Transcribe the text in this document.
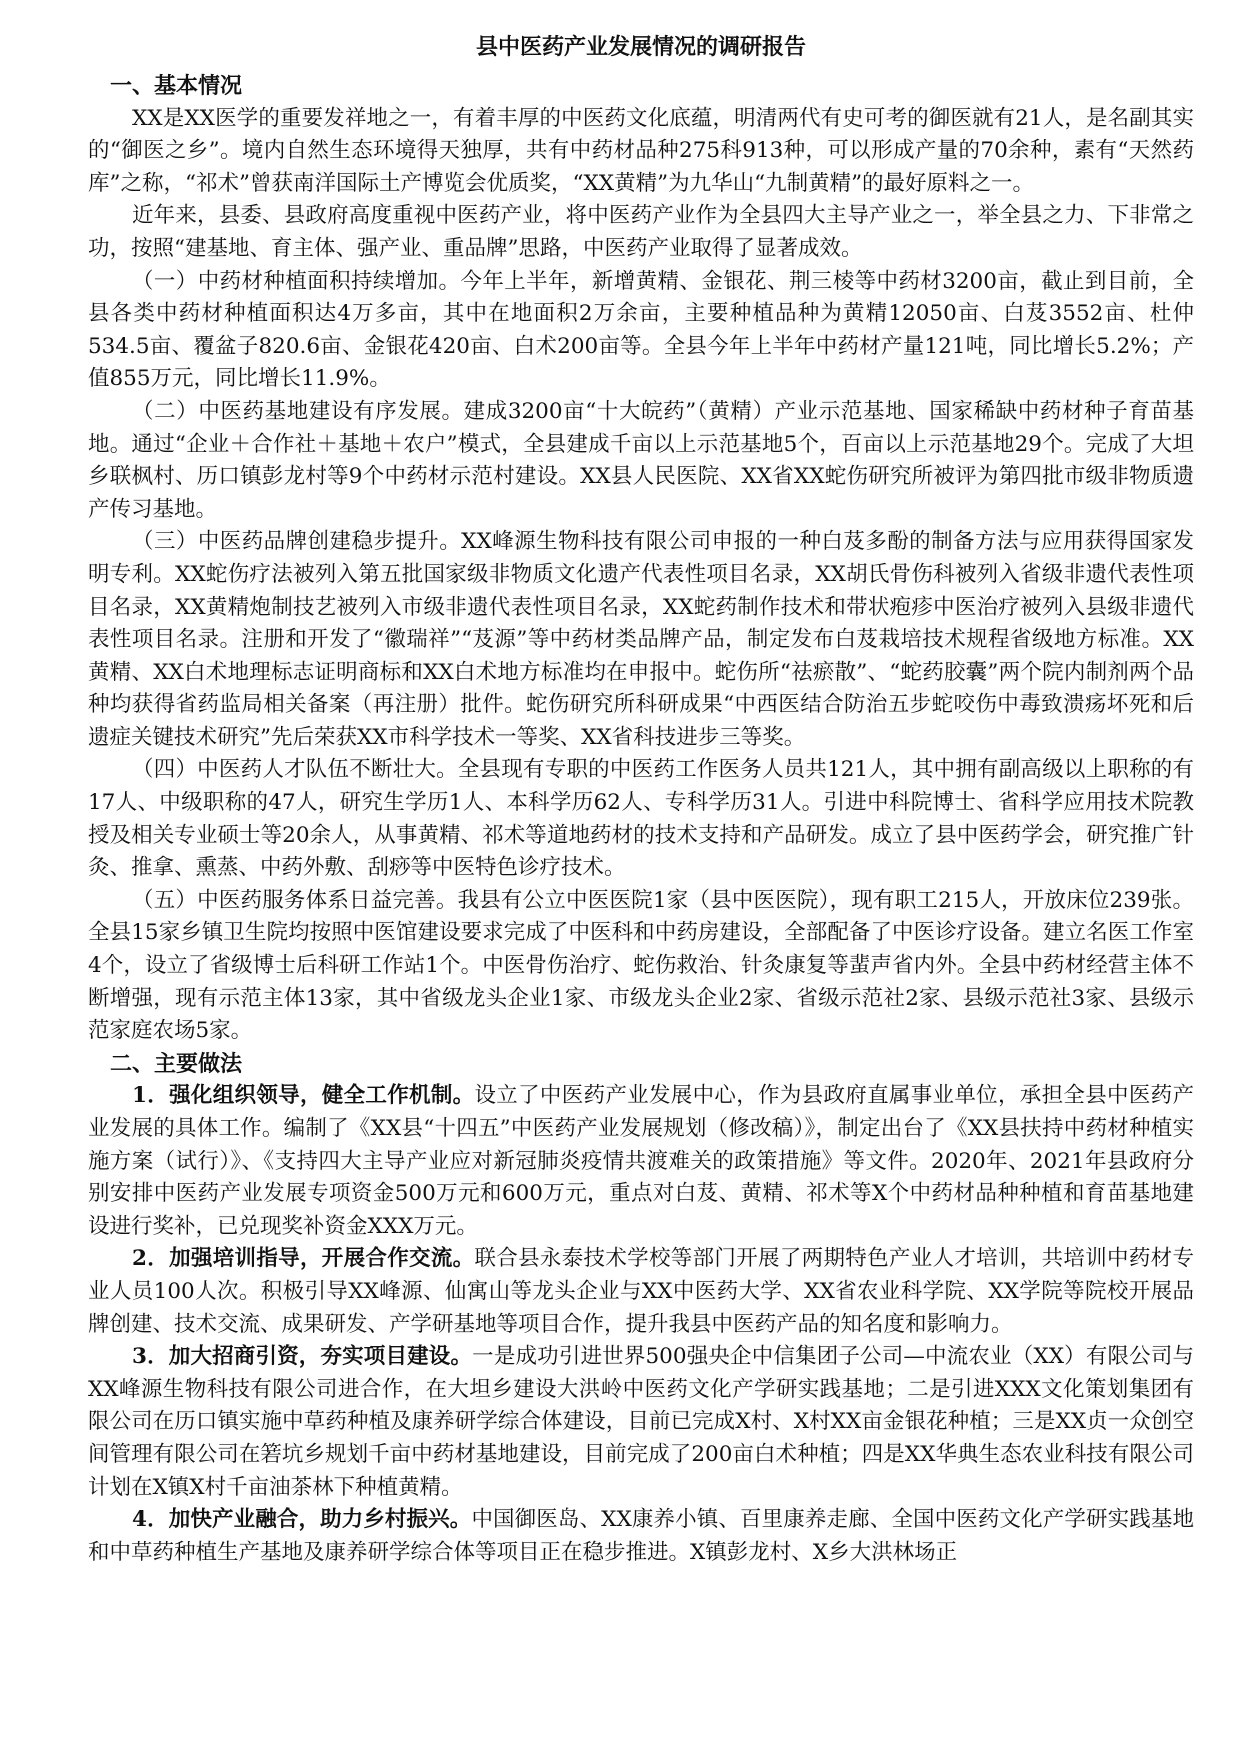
县中医药产业发展情况的调研报告
一、基本情况

XX是XX医学的重要发祥地之一，有着丰厚的中医药文化底蕴，明清两代有史可考的御医就有21人，是名副其实的“御医之乡”。境内自然生态环境得天独厚，共有中药材品种275科913种，可以形成产量的70余种，素有“天然药库”之称，“祁术”曾获南洋国际土产博览会优质奖，“XX黄精”为九华山“九制黄精”的最好原料之一。

近年来，县委、县政府高度重视中医药产业，将中医药产业作为全县四大主导产业之一，举全县之力、下非常之功，按照“建基地、育主体、强产业、重品牌”思路，中医药产业取得了显著成效。

（一）中药材种植面积持续增加。今年上半年，新增黄精、金银花、荆三棱等中药材3200亩，截止到目前，全县各类中药材种植面积达4万多亩，其中在地面积2万余亩，主要种植品种为黄精12050亩、白芨3552亩、杜仲534.5亩、覆盆子820.6亩、金银花420亩、白术200亩等。全县今年上半年中药材产量121吨，同比增长5.2%；产值855万元，同比增长11.9%。

（二）中医药基地建设有序发展。建成3200亩“十大皖药”（黄精）产业示范基地、国家稀缺中药材种子育苗基地。通过“企业＋合作社＋基地＋农户”模式，全县建成千亩以上示范基地5个，百亩以上示范基地29个。完成了大坦乡联枫村、历口镇彭龙村等9个中药材示范村建设。XX县人民医院、XX省XX蛇伤研究所被评为第四批市级非物质遗产传习基地。

（三）中医药品牌创建稳步提升。XX峰源生物科技有限公司申报的一种白芨多酚的制备方法与应用获得国家发明专利。XX蛇伤疗法被列入第五批国家级非物质文化遗产代表性项目名录，XX胡氏骨伤科被列入省级非遗代表性项目名录，XX黄精炮制技艺被列入市级非遗代表性项目名录，XX蛇药制作技术和带状疱疹中医治疗被列入县级非遗代表性项目名录。注册和开发了“徽瑞祥”“芨源”等中药材类品牌产品，制定发布白芨栽培技术规程省级地方标准。XX黄精、XX白术地理标志证明商标和XX白术地方标准均在申报中。蛇伤所“祛瘀散”、“蛇药胶囊”两个院内制剂两个品种均获得省药监局相关备案（再注册）批件。蛇伤研究所科研成果“中西医结合防治五步蛇咬伤中毒致溃疡坏死和后遗症关键技术研究”先后荣获XX市科学技术一等奖、XX省科技进步三等奖。

（四）中医药人才队伍不断壮大。全县现有专职的中医药工作医务人员共121人，其中拥有副高级以上职称的有17人、中级职称的47人，研究生学历1人、本科学历62人、专科学历31人。引进中科院博士、省科学应用技术院教授及相关专业硕士等20余人，从事黄精、祁术等道地药材的技术支持和产品研发。成立了县中医药学会，研究推广针灸、推拿、熏蒸、中药外敷、刮痧等中医特色诊疗技术。

（五）中医药服务体系日益完善。我县有公立中医医院1家（县中医医院），现有职工215人，开放床位239张。全县15家乡镇卫生院均按照中医馆建设要求完成了中医科和中药房建设，全部配备了中医诊疗设备。建立名医工作室4个，设立了省级博士后科研工作站1个。中医骨伤治疗、蛇伤救治、针灸康复等蜚声省内外。全县中药材经营主体不断增强，现有示范主体13家，其中省级龙头企业1家、市级龙头企业2家、省级示范社2家、县级示范社3家、县级示范家庭农场5家。

二、主要做法

1．强化组织领导，健全工作机制。设立了中医药产业发展中心，作为县政府直属事业单位，承担全县中医药产业发展的具体工作。编制了《XX县“十四五”中医药产业发展规划（修改稿）》，制定出台了《XX县扶持中药材种植实施方案（试行）》、《支持四大主导产业应对新冠肺炎疫情共渡难关的政策措施》等文件。2020年、2021年县政府分别安排中医药产业发展专项资金500万元和600万元，重点对白芨、黄精、祁术等X个中药材品种种植和育苗基地建设进行奖补，已兑现奖补资金XXX万元。

2．加强培训指导，开展合作交流。联合县永泰技术学校等部门开展了两期特色产业人才培训，共培训中药材专业人员100人次。积极引导XX峰源、仙寓山等龙头企业与XX中医药大学、XX省农业科学院、XX学院等院校开展品牌创建、技术交流、成果研发、产学研基地等项目合作，提升我县中医药产品的知名度和影响力。

3．加大招商引资，夯实项目建设。一是成功引进世界500强央企中信集团子公司—中流农业（XX）有限公司与XX峰源生物科技有限公司进合作，在大坦乡建设大洪岭中医药文化产学研实践基地；二是引进XXX文化策划集团有限公司在历口镇实施中草药种植及康养研学综合体建设，目前已完成X村、X村XX亩金银花种植；三是XX贞一众创空间管理有限公司在箬坑乡规划千亩中药材基地建设，目前完成了200亩白术种植；四是XX华典生态农业科技有限公司计划在X镇X村千亩油茶林下种植黄精。

4．加快产业融合，助力乡村振兴。中国御医岛、XX康养小镇、百里康养走廊、全国中医药文化产学研实践基地和中草药种植生产基地及康养研学综合体等项目正在稳步推进。X镇彭龙村、X乡大洪林场正
